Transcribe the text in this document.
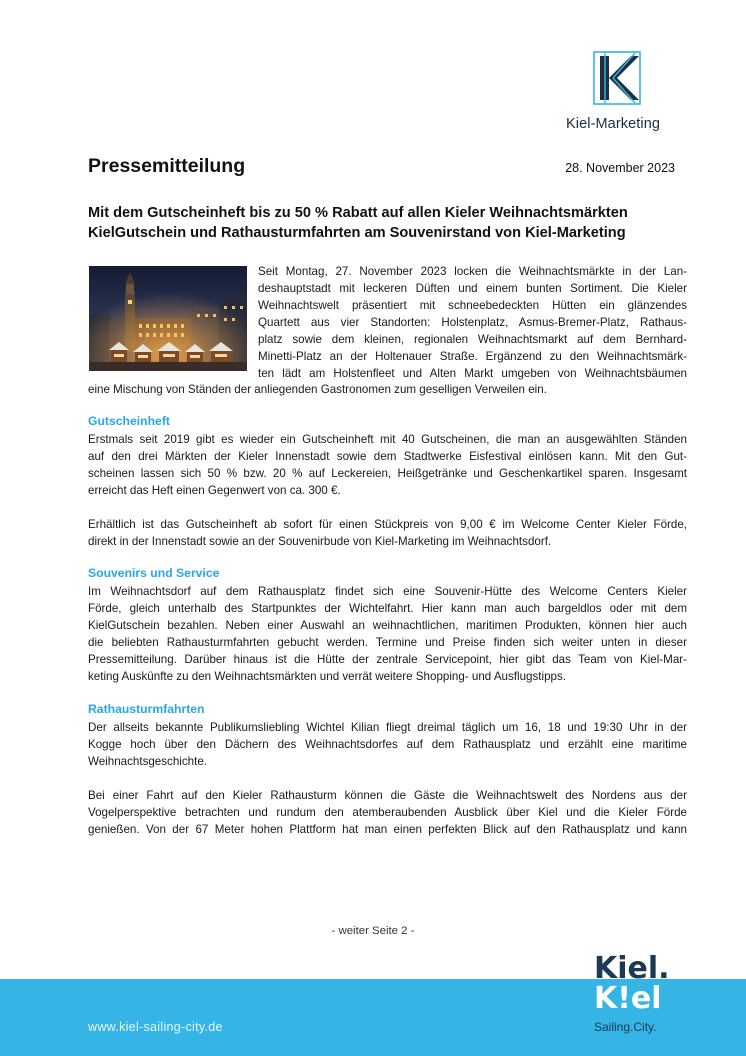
Kiel-Marketing
Pressemitteilung	28. November 2023
Mit dem Gutscheinheft bis zu 50 % Rabatt auf allen Kieler Weihnachtsmärkten
KielGutschein und Rathausturmfahrten am Souvenirstand von Kiel-Marketing
Seit Montag, 27. November 2023 locken die Weihnachtsmärkte in der Lan-
deshauptstadt mit leckeren Düften und einem bunten Sortiment. Die Kieler
Weihnachtswelt präsentiert mit schneebedeckten Hütten ein glänzendes
Quartett aus vier Standorten: Holstenplatz, Asmus-Bremer-Platz, Rathaus-
platz sowie dem kleinen, regionalen Weihnachtsmarkt auf dem Bernhard-
Minetti-Platz an der Holtenauer Straße. Ergänzend zu den Weihnachtsmärk-
ten lädt am Holstenfleet und Alten Markt umgeben von Weihnachtsbäumen
eine Mischung von Ständen der anliegenden Gastronomen zum geselligen Verweilen ein.
Gutscheinheft
Erstmals seit 2019 gibt es wieder ein Gutscheinheft mit 40 Gutscheinen, die man an ausgewählten Ständen
auf den drei Märkten der Kieler Innenstadt sowie dem Stadtwerke Eisfestival einlösen kann. Mit den Gut-
scheinen lassen sich 50 % bzw. 20 % auf Leckereien, Heißgetränke und Geschenkartikel sparen. Insgesamt
erreicht das Heft einen Gegenwert von ca. 300 €.
Erhältlich ist das Gutscheinheft ab sofort für einen Stückpreis von 9,00 € im Welcome Center Kieler Förde,
direkt in der Innenstadt sowie an der Souvenirbude von Kiel-Marketing im Weihnachtsdorf.
Souvenirs und Service
Im Weihnachtsdorf auf dem Rathausplatz findet sich eine Souvenir-Hütte des Welcome Centers Kieler
Förde, gleich unterhalb des Startpunktes der Wichtelfahrt. Hier kann man auch bargeldlos oder mit dem
KielGutschein bezahlen. Neben einer Auswahl an weihnachtlichen, maritimen Produkten, können hier auch
die beliebten Rathausturmfahrten gebucht werden. Termine und Preise finden sich weiter unten in dieser
Pressemitteilung. Darüber hinaus ist die Hütte der zentrale Servicepoint, hier gibt das Team von Kiel-Mar-
keting Auskünfte zu den Weihnachtsmärkten und verrät weitere Shopping- und Ausflugstipps.
Rathausturmfahrten
Der allseits bekannte Publikumsliebling Wichtel Kilian fliegt dreimal täglich um 16, 18 und 19:30 Uhr in der
Kogge hoch über den Dächern des Weihnachtsdorfes auf dem Rathausplatz und erzählt eine maritime
Weihnachtsgeschichte.
Bei einer Fahrt auf den Kieler Rathausturm können die Gäste die Weihnachtswelt des Nordens aus der
Vogelperspektive betrachten und rundum den atemberaubenden Ausblick über Kiel und die Kieler Förde
genießen. Von der 67 Meter hohen Plattform hat man einen perfekten Blick auf den Rathausplatz und kann
- weiter Seite 2 -
www.kiel-sailing-city.de
Kiel.
K!el
Sailing.City.
